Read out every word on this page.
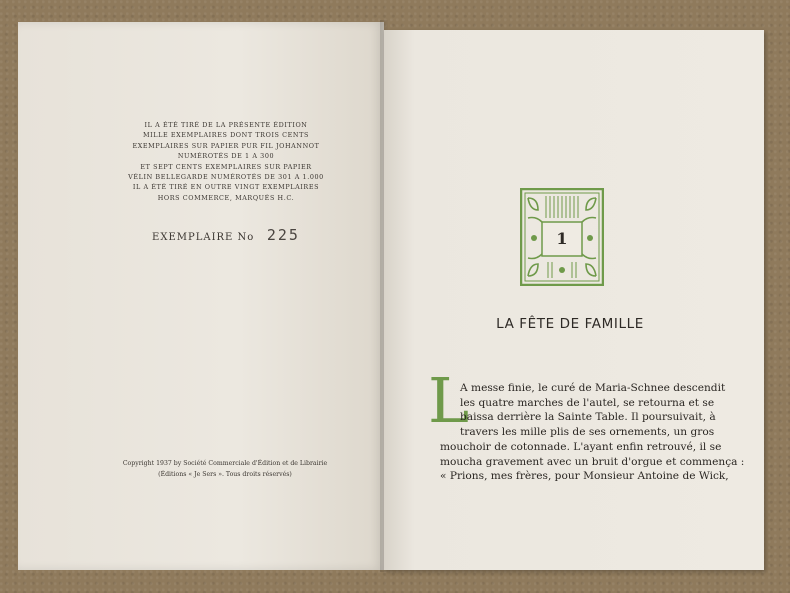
IL A ÉTÉ TIRÉ DE LA PRÉSENTE ÉDITION
MILLE EXEMPLAIRES DONT TROIS CENTS
EXEMPLAIRES SUR PAPIER PUR FIL JOHANNOT
NUMÉROTÉS DE 1 A 300
ET SEPT CENTS EXEMPLAIRES SUR PAPIER
VÉLIN BELLEGARDE NUMÉROTÉS DE 301 A 1.000
IL A ÉTÉ TIRÉ EN OUTRE VINGT EXEMPLAIRES
HORS COMMERCE, MARQUÉS H.C.
EXEMPLAIRE No 225
Copyright 1937 by Société Commerciale d'Édition et de Librairie
(Éditions « Je Sers ». Tous droits réservés)
1
LA FÊTE DE FAMILLE
L
A messe finie, le curé de Maria-Schnee descendit
les quatre marches de l'autel, se retourna et se
baissa derrière la Sainte Table. Il poursuivait, à
travers les mille plis de ses ornements, un gros
mouchoir de cotonnade. L'ayant enfin retrouvé, il se
moucha gravement avec un bruit d'orgue et commença :
« Prions, mes frères, pour Monsieur Antoine de Wick,
